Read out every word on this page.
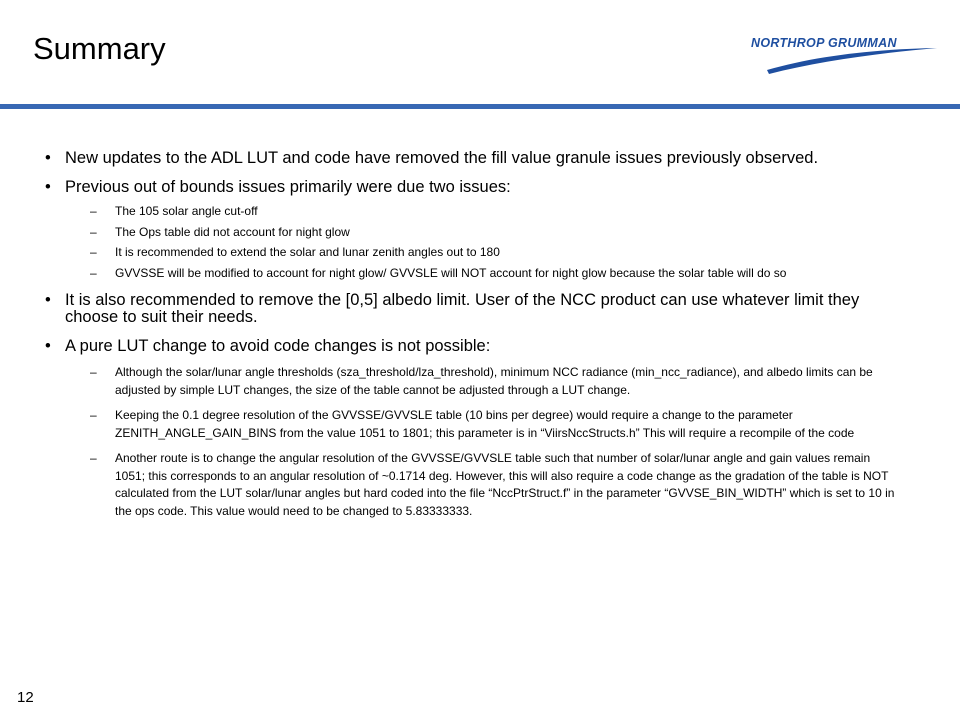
Summary	NORTHROP GRUMMAN
• New updates to the ADL LUT and code have removed the fill value granule issues previously observed.
• Previous out of bounds issues primarily were due two issues:
– The 105 solar angle cut-off
– The Ops table did not account for night glow
– It is recommended to extend the solar and lunar zenith angles out to 180
– GVVSSE will be modified to account for night glow/ GVVSLE will NOT account for night glow because the solar table will do so
• It is also recommended to remove the [0,5] albedo limit. User of the NCC product can use whatever limit they choose to suit their needs.
• A pure LUT change to avoid code changes is not possible:
– Although the solar/lunar angle thresholds (sza_threshold/lza_threshold), minimum NCC radiance (min_ncc_radiance), and albedo limits can be adjusted by simple LUT changes, the size of the table cannot be adjusted through a LUT change.
– Keeping the 0.1 degree resolution of the GVVSSE/GVVSLE table (10 bins per degree) would require a change to the parameter ZENITH_ANGLE_GAIN_BINS from the value 1051 to 1801; this parameter is in “ViirsNccStructs.h” This will require a recompile of the code
– Another route is to change the angular resolution of the GVVSSE/GVVSLE table such that number of solar/lunar angle and gain values remain 1051; this corresponds to an angular resolution of ~0.1714 deg. However, this will also require a code change as the gradation of the table is NOT calculated from the LUT solar/lunar angles but hard coded into the file “NccPtrStruct.f” in the parameter “GVVSE_BIN_WIDTH” which is set to 10 in the ops code. This value would need to be changed to 5.83333333.
12
